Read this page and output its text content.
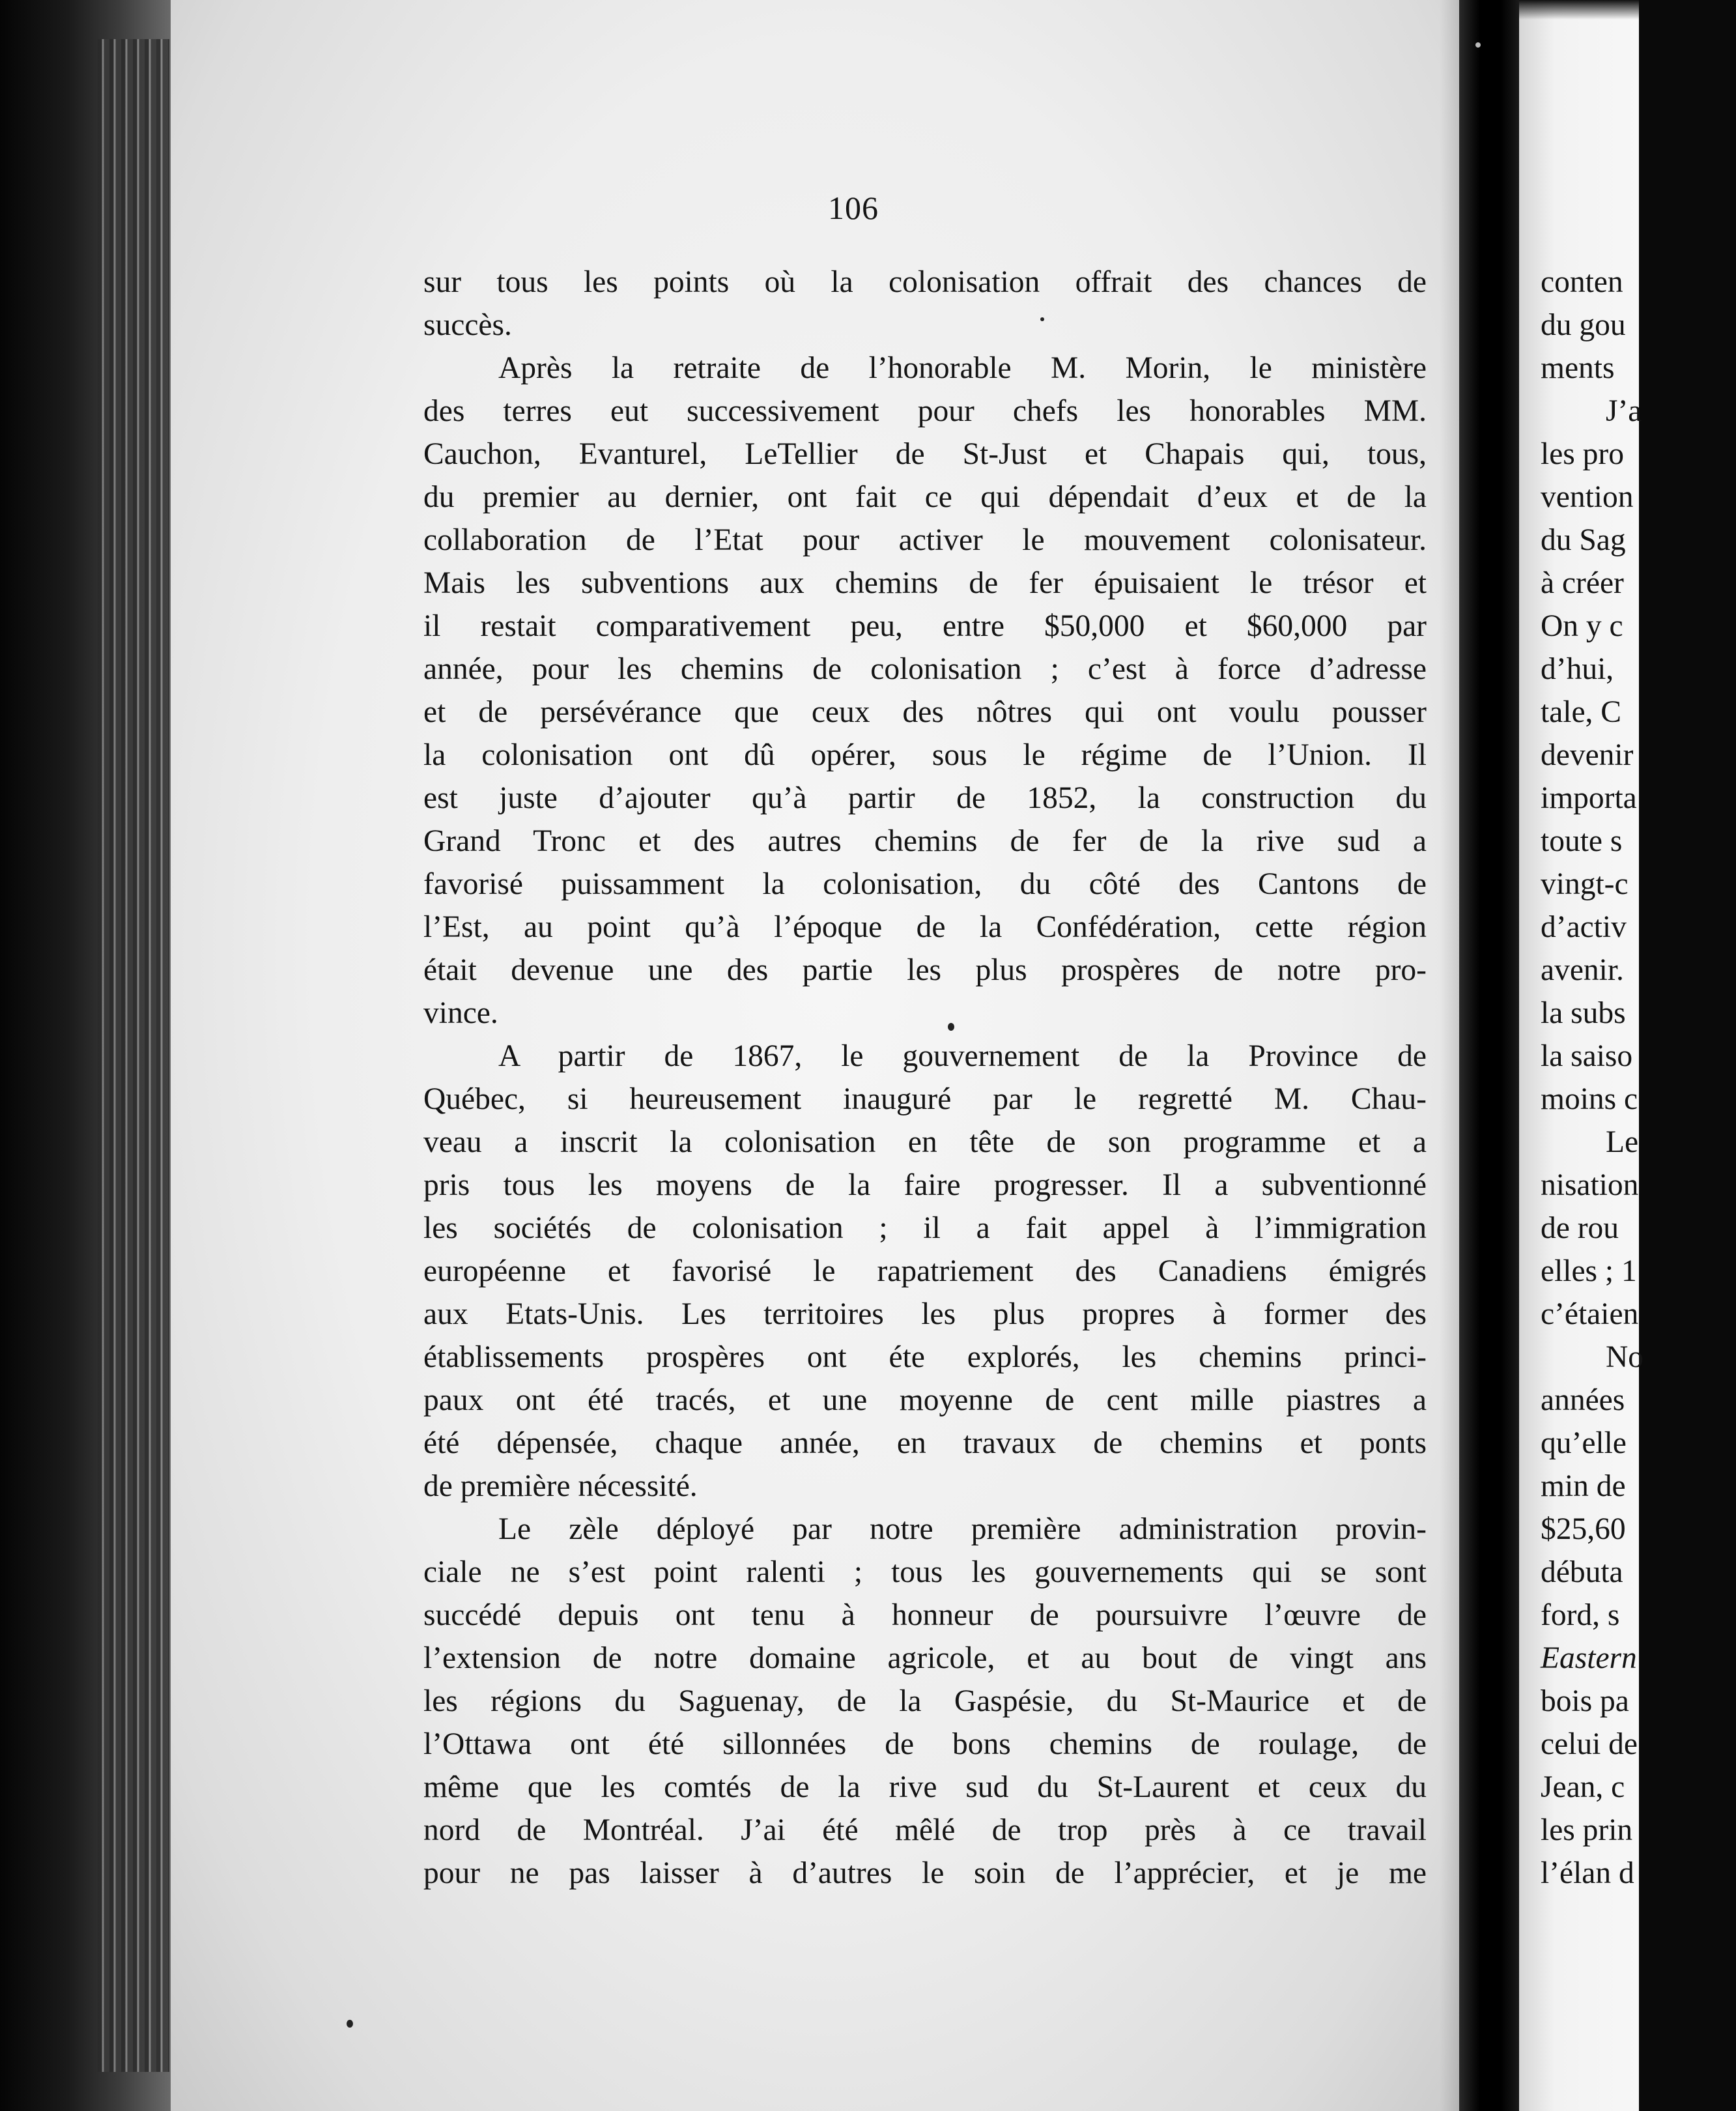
106
sur tous les points où la colonisation offrait des chances de
succès.
Après la retraite de l’honorable M. Morin, le ministère
des terres eut successivement pour chefs les honorables MM.
Cauchon, Evanturel, LeTellier de St-Just et Chapais qui, tous,
du premier au dernier, ont fait ce qui dépendait d’eux et de la
collaboration de l’Etat pour activer le mouvement colonisateur.
Mais les subventions aux chemins de fer épuisaient le trésor et
il restait comparativement peu, entre $50,000 et $60,000 par
année, pour les chemins de colonisation ; c’est à force d’adresse
et de persévérance que ceux des nôtres qui ont voulu pousser
la colonisation ont dû opérer, sous le régime de l’Union. Il
est juste d’ajouter qu’à partir de 1852, la construction du
Grand Tronc et des autres chemins de fer de la rive sud a
favorisé puissamment la colonisation, du côté des Cantons de
l’Est, au point qu’à l’époque de la Confédération, cette région
était devenue une des partie les plus prospères de notre pro-
vince.
A partir de 1867, le gouvernement de la Province de
Québec, si heureusement inauguré par le regretté M. Chau-
veau a inscrit la colonisation en tête de son programme et a
pris tous les moyens de la faire progresser. Il a subventionné
les sociétés de colonisation ; il a fait appel à l’immigration
européenne et favorisé le rapatriement des Canadiens émigrés
aux Etats-Unis. Les territoires les plus propres à former des
établissements prospères ont éte explorés, les chemins princi-
paux ont été tracés, et une moyenne de cent mille piastres a
été dépensée, chaque année, en travaux de chemins et ponts
de première nécessité.
Le zèle déployé par notre première administration provin-
ciale ne s’est point ralenti ; tous les gouvernements qui se sont
succédé depuis ont tenu à honneur de poursuivre l’œuvre de
l’extension de notre domaine agricole, et au bout de vingt ans
les régions du Saguenay, de la Gaspésie, du St-Maurice et de
l’Ottawa ont été sillonnées de bons chemins de roulage, de
même que les comtés de la rive sud du St-Laurent et ceux du
nord de Montréal. J’ai été mêlé de trop près à ce travail
pour ne pas laisser à d’autres le soin de l’apprécier, et je me
conten
du gou
ments
J’a
les pro
vention
du Sag
à créer
On y c
d’hui,
tale, C
devenir
importa
toute s
vingt-c
d’activ
avenir.
la subs
la saiso
moins c
Le
nisation
de rou
elles ; 1
c’étaien
No
années
qu’elle
min de
$25,60
débuta
ford, s
Eastern
bois pa
celui de
Jean, c
les prin
l’élan d
